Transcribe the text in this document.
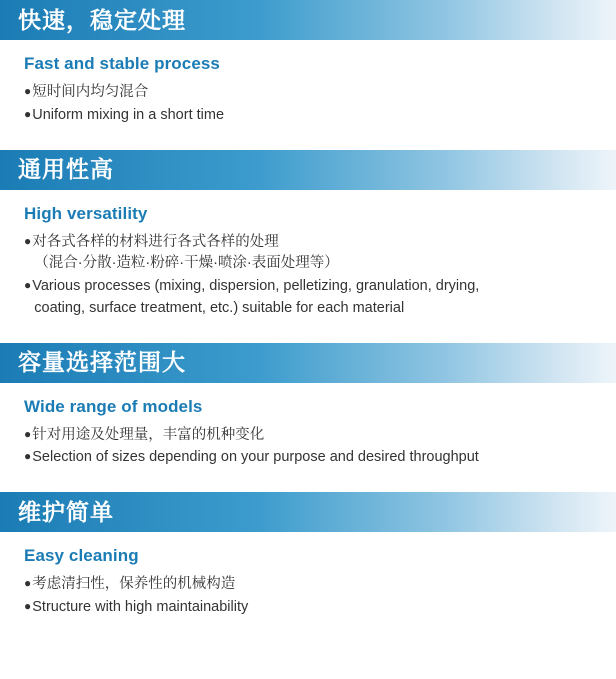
快速，稳定处理
Fast and stable process
● 短时间内均匀混合
● Uniform mixing in a short time
通用性高
High versatility
● 对各式各样的材料进行各式各样的处理
（混合·分散·造粒·粉碎·干燥·喷涂·表面处理等）
● Various processes (mixing, dispersion, pelletizing, granulation, drying,
coating, surface treatment, etc.) suitable for each material
容量选择范围大
Wide range of models
● 针对用途及处理量，丰富的机种变化
● Selection of sizes depending on your purpose and desired throughput
维护简单
Easy cleaning
● 考虑清扫性，保养性的机械构造
● Structure with high maintainability
